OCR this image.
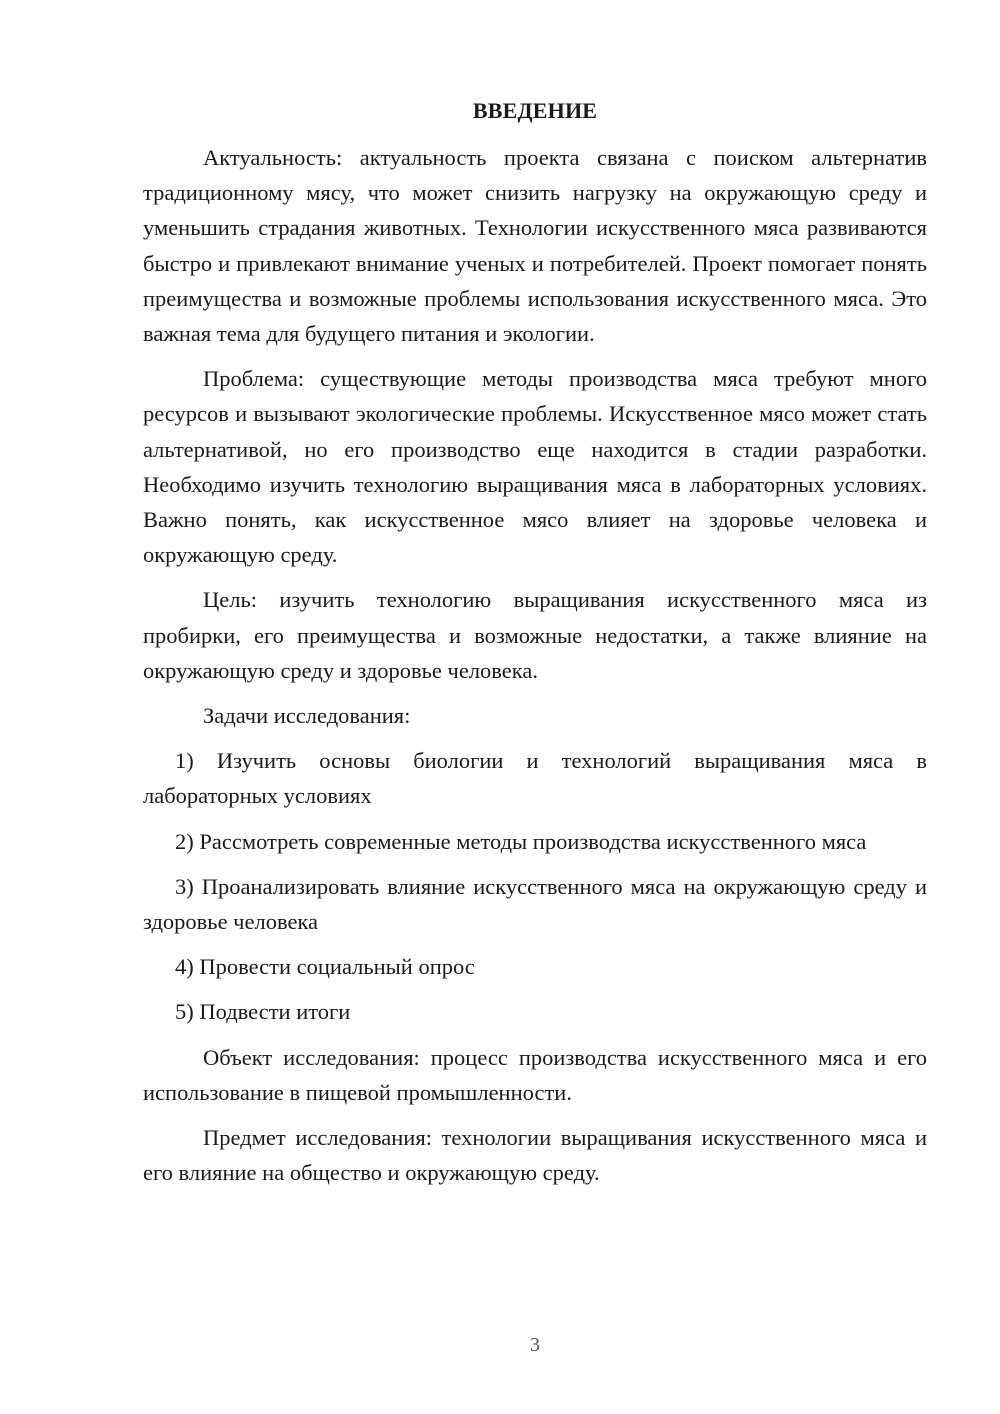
ВВЕДЕНИЕ

Актуальность: актуальность проекта связана с поиском альтернатив традиционному мясу, что может снизить нагрузку на окружающую среду и уменьшить страдания животных. Технологии искусственного мяса развиваются быстро и привлекают внимание ученых и потребителей. Проект помогает понять преимущества и возможные проблемы использования искусственного мяса. Это важная тема для будущего питания и экологии.

Проблема: существующие методы производства мяса требуют много ресурсов и вызывают экологические проблемы. Искусственное мясо может стать альтернативой, но его производство еще находится в стадии разработки. Необходимо изучить технологию выращивания мяса в лабораторных условиях. Важно понять, как искусственное мясо влияет на здоровье человека и окружающую среду.

Цель: изучить технологию выращивания искусственного мяса из пробирки, его преимущества и возможные недостатки, а также влияние на окружающую среду и здоровье человека.

Задачи исследования:

1) Изучить основы биологии и технологий выращивания мяса в лабораторных условиях

2) Рассмотреть современные методы производства искусственного мяса

3) Проанализировать влияние искусственного мяса на окружающую среду и здоровье человека

4) Провести социальный опрос

5) Подвести итоги

Объект исследования: процесс производства искусственного мяса и его использование в пищевой промышленности.

Предмет исследования: технологии выращивания искусственного мяса и его влияние на общество и окружающую среду.

3
